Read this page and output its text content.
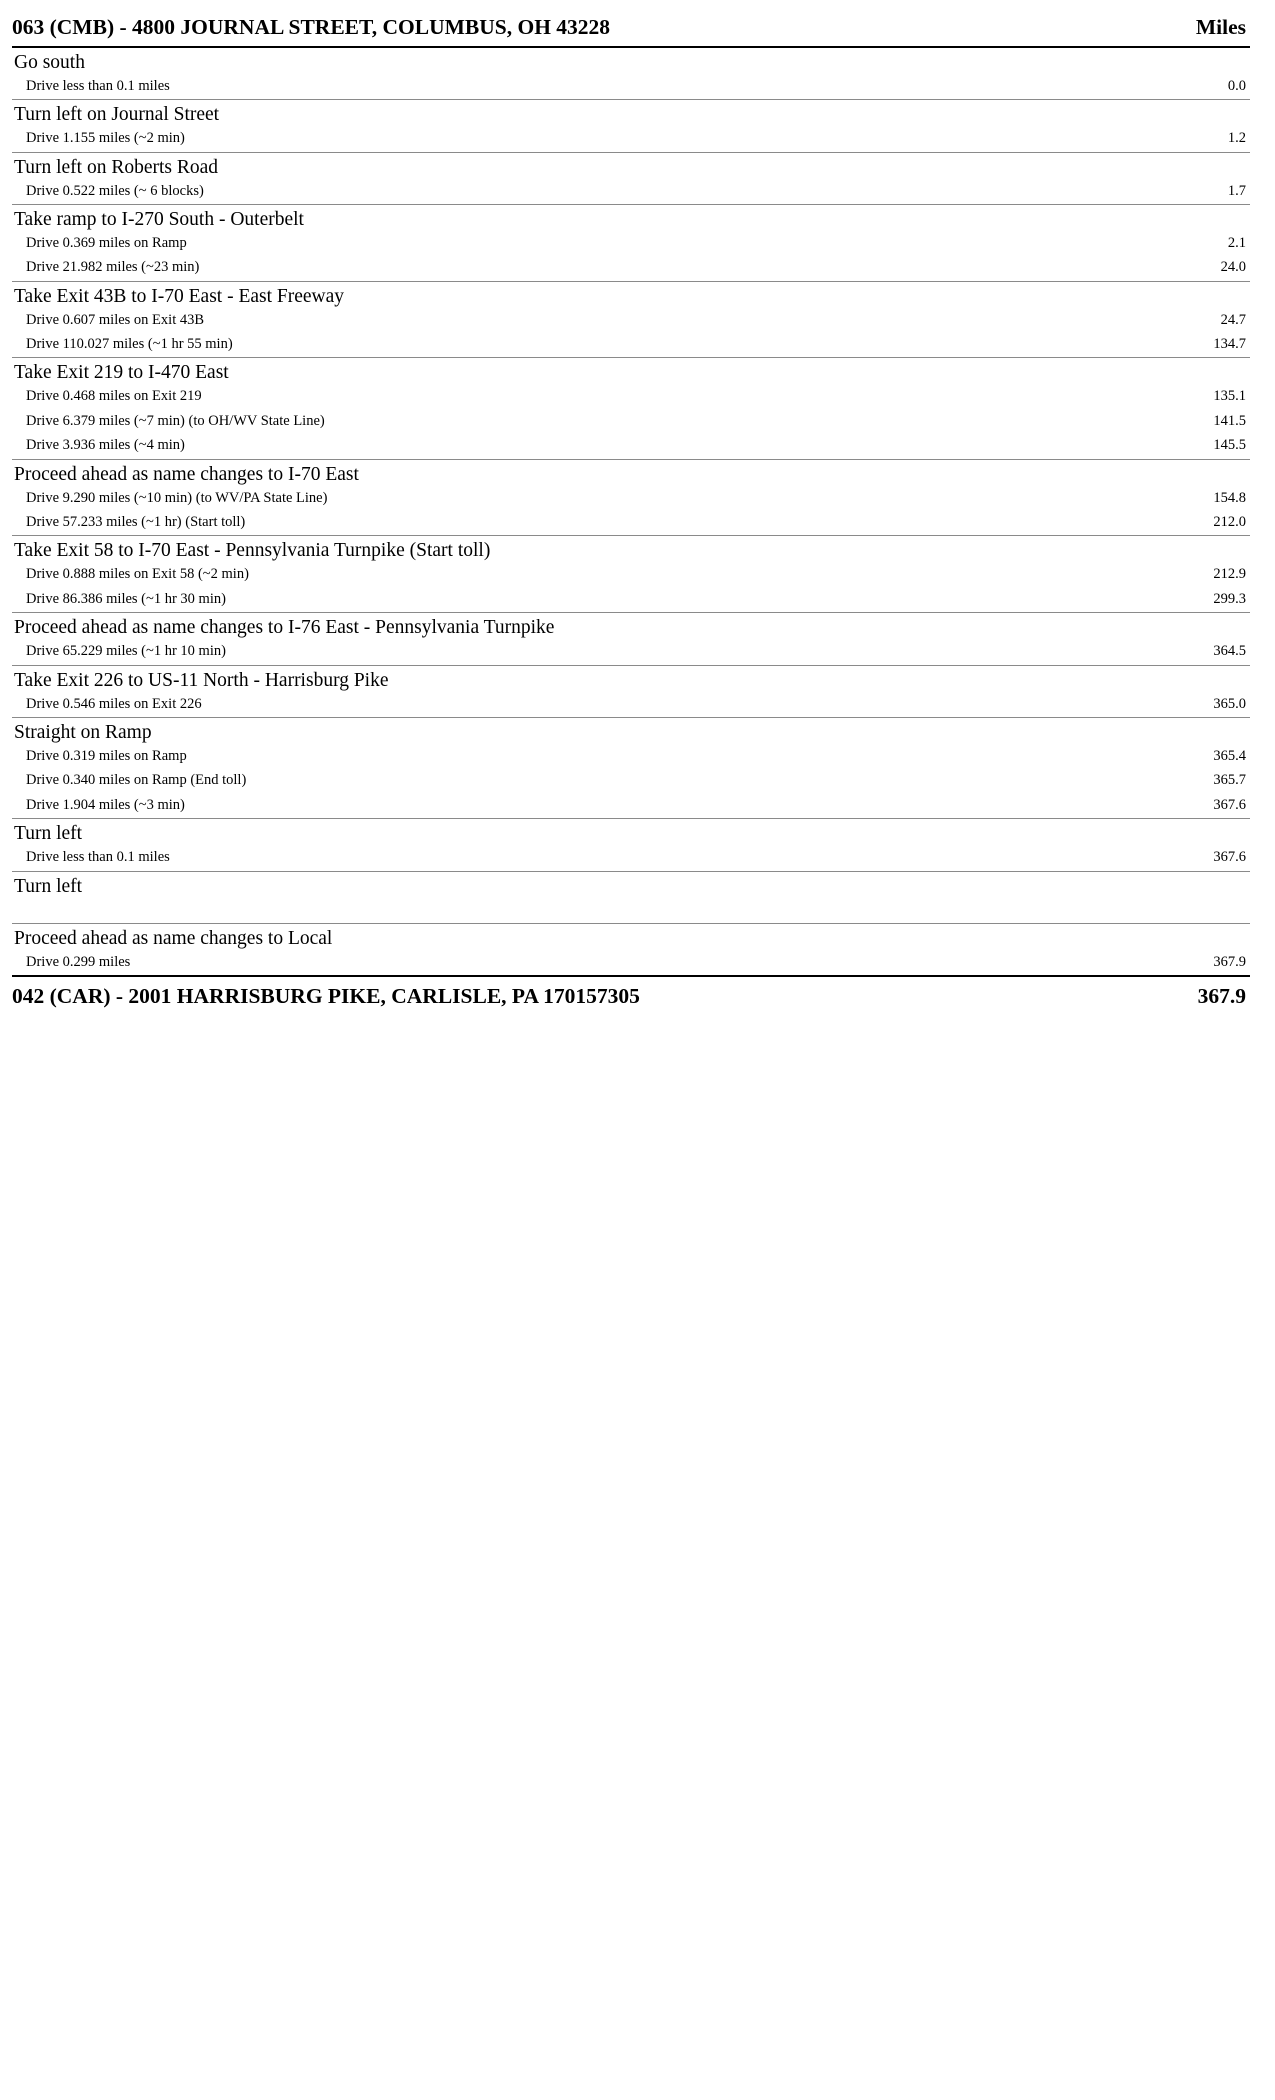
063 (CMB) - 4800 JOURNAL STREET, COLUMBUS, OH 43228	Miles
Go south	
Drive less than 0.1 miles	0.0
Turn left on Journal Street	
Drive 1.155 miles (~2 min)	1.2
Turn left on Roberts Road	
Drive 0.522 miles (~ 6 blocks)	1.7
Take ramp to I-270 South - Outerbelt	
Drive 0.369 miles on Ramp	2.1
Drive 21.982 miles (~23 min)	24.0
Take Exit 43B to I-70 East - East Freeway	
Drive 0.607 miles on Exit 43B	24.7
Drive 110.027 miles (~1 hr 55 min)	134.7
Take Exit 219 to I-470 East	
Drive 0.468 miles on Exit 219	135.1
Drive 6.379 miles (~7 min) (to OH/WV State Line)	141.5
Drive 3.936 miles (~4 min)	145.5
Proceed ahead as name changes to I-70 East	
Drive 9.290 miles (~10 min) (to WV/PA State Line)	154.8
Drive 57.233 miles (~1 hr) (Start toll)	212.0
Take Exit 58 to I-70 East - Pennsylvania Turnpike (Start toll)	
Drive 0.888 miles on Exit 58 (~2 min)	212.9
Drive 86.386 miles (~1 hr 30 min)	299.3
Proceed ahead as name changes to I-76 East - Pennsylvania Turnpike	
Drive 65.229 miles (~1 hr 10 min)	364.5
Take Exit 226 to US-11 North - Harrisburg Pike	
Drive 0.546 miles on Exit 226	365.0
Straight on Ramp	
Drive 0.319 miles on Ramp	365.4
Drive 0.340 miles on Ramp (End toll)	365.7
Drive 1.904 miles (~3 min)	367.6
Turn left	
Drive less than 0.1 miles	367.6
Turn left	

Proceed ahead as name changes to Local	
Drive 0.299 miles	367.9
042 (CAR) - 2001 HARRISBURG PIKE, CARLISLE, PA 170157305	367.9
